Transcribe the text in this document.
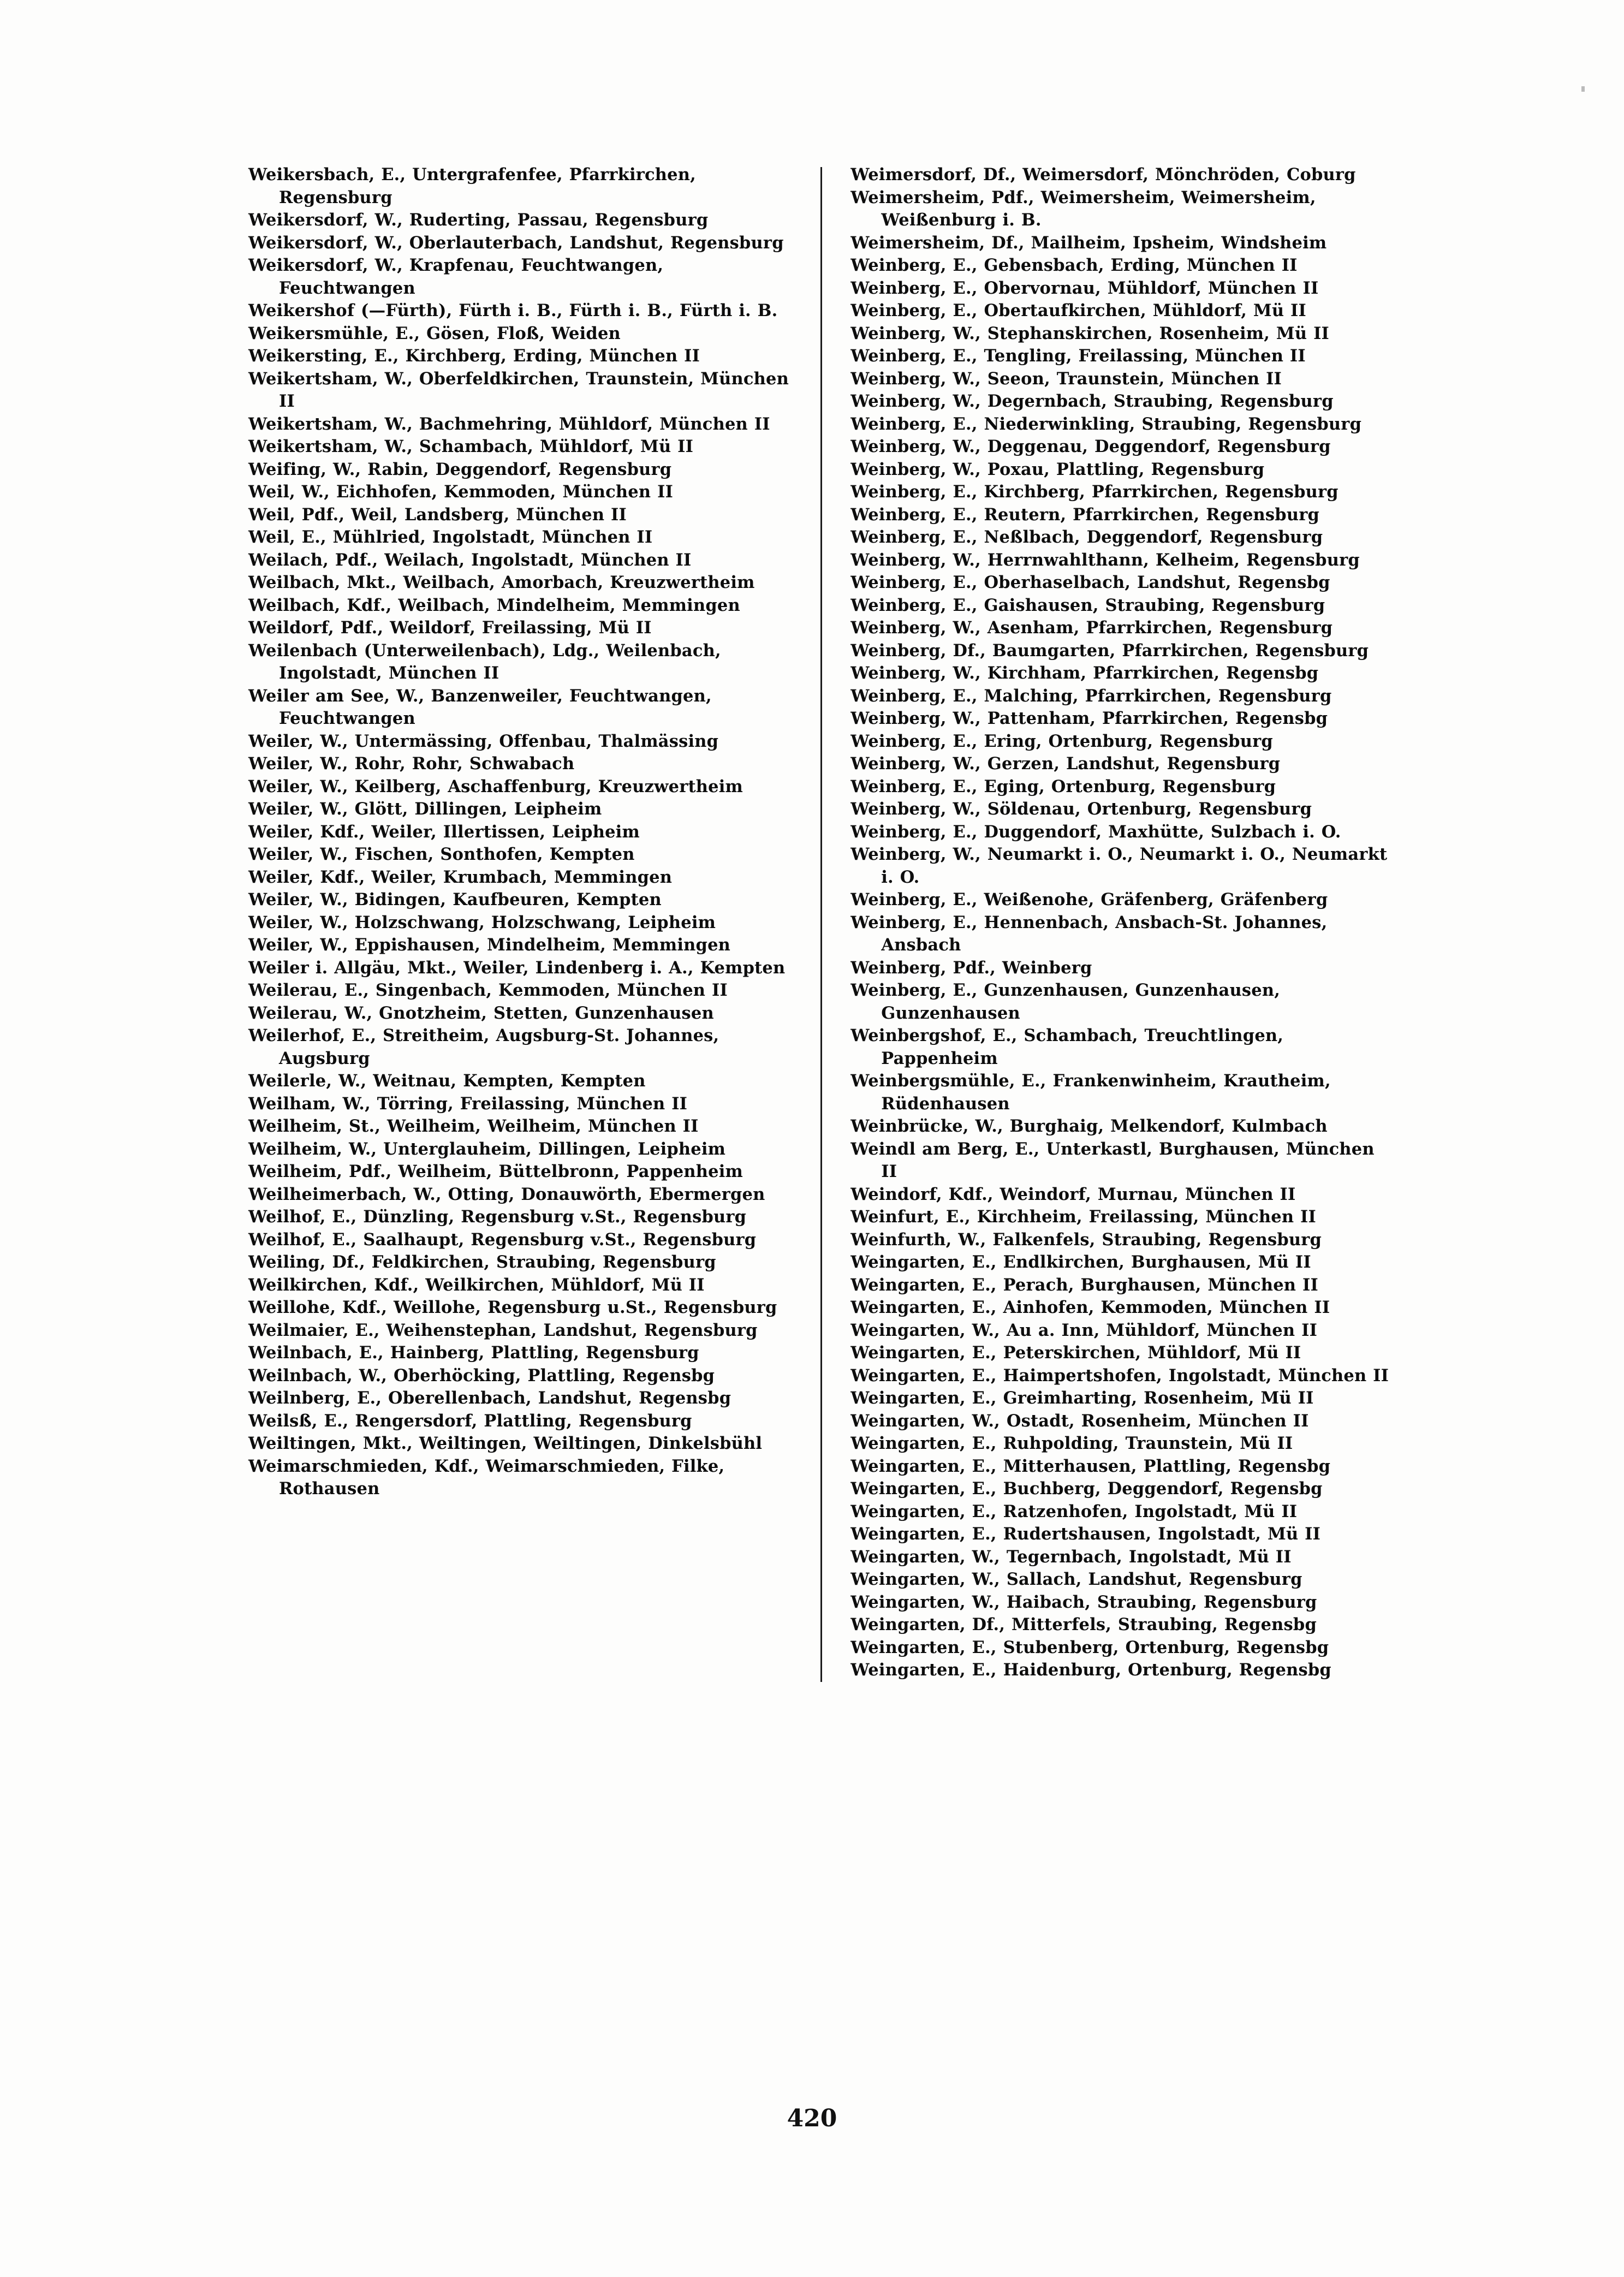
Weikersbach, E., Untergrafenfee, Pfarrkirchen, Regensburg
Weikersdorf, W., Ruderting, Passau, Regensburg
Weikersdorf, W., Oberlauterbach, Landshut, Regensburg
Weikersdorf, W., Krapfenau, Feuchtwangen, Feuchtwangen
Weikershof (—Fürth), Fürth i. B., Fürth i. B., Fürth i. B.
Weikersmühle, E., Gösen, Floß, Weiden
Weikersting, E., Kirchberg, Erding, München II
Weikertsham, W., Oberfeldkirchen, Traunstein, München II
Weikertsham, W., Bachmehring, Mühldorf, München II
Weikertsham, W., Schambach, Mühldorf, Mü II
Weifing, W., Rabin, Deggendorf, Regensburg
Weil, W., Eichhofen, Kemmoden, München II
Weil, Pdf., Weil, Landsberg, München II
Weil, E., Mühlried, Ingolstadt, München II
Weilach, Pdf., Weilach, Ingolstadt, München II
Weilbach, Mkt., Weilbach, Amorbach, Kreuzwertheim
Weilbach, Kdf., Weilbach, Mindelheim, Memmingen
Weildorf, Pdf., Weildorf, Freilassing, Mü II
Weilenbach (Unterweilenbach), Ldg., Weilenbach, Ingolstadt, München II
Weiler am See, W., Banzenweiler, Feuchtwangen, Feuchtwangen
Weiler, W., Untermässing, Offenbau, Thalmässing
Weiler, W., Rohr, Rohr, Schwabach
Weiler, W., Keilberg, Aschaffenburg, Kreuzwertheim
Weiler, W., Glött, Dillingen, Leipheim
Weiler, Kdf., Weiler, Illertissen, Leipheim
Weiler, W., Fischen, Sonthofen, Kempten
Weiler, Kdf., Weiler, Krumbach, Memmingen
Weiler, W., Bidingen, Kaufbeuren, Kempten
Weiler, W., Holzschwang, Holzschwang, Leipheim
Weiler, W., Eppishausen, Mindelheim, Memmingen
Weiler i. Allgäu, Mkt., Weiler, Lindenberg i. A., Kempten
Weilerau, E., Singenbach, Kemmoden, München II
Weilerau, W., Gnotzheim, Stetten, Gunzenhausen
Weilerhof, E., Streitheim, Augsburg-St. Johannes, Augsburg
Weilerle, W., Weitnau, Kempten, Kempten
Weilham, W., Törring, Freilassing, München II
Weilheim, St., Weilheim, Weilheim, München II
Weilheim, W., Unterglauheim, Dillingen, Leipheim
Weilheim, Pdf., Weilheim, Büttelbronn, Pappenheim
Weilheimerbach, W., Otting, Donauwörth, Ebermergen
Weilhof, E., Dünzling, Regensburg v.St., Regensburg
Weilhof, E., Saalhaupt, Regensburg v.St., Regensburg
Weiling, Df., Feldkirchen, Straubing, Regensburg
Weilkirchen, Kdf., Weilkirchen, Mühldorf, Mü II
Weillohe, Kdf., Weillohe, Regensburg u.St., Regensburg
Weilmaier, E., Weihenstephan, Landshut, Regensburg
Weilnbach, E., Hainberg, Plattling, Regensburg
Weilnbach, W., Oberhöcking, Plattling, Regensbg
Weilnberg, E., Oberellenbach, Landshut, Regensbg
Weilsß, E., Rengersdorf, Plattling, Regensburg
Weiltingen, Mkt., Weiltingen, Weiltingen, Dinkelsbühl
Weimarschmieden, Kdf., Weimarschmieden, Filke, Rothausen
Weimersdorf, Df., Weimersdorf, Mönchröden, Coburg
Weimersheim, Pdf., Weimersheim, Weimersheim, Weißenburg i. B.
Weimersheim, Df., Mailheim, Ipsheim, Windsheim
Weinberg, E., Gebensbach, Erding, München II
Weinberg, E., Obervornau, Mühldorf, München II
Weinberg, E., Obertaufkirchen, Mühldorf, Mü II
Weinberg, W., Stephanskirchen, Rosenheim, Mü II
Weinberg, E., Tengling, Freilassing, München II
Weinberg, W., Seeon, Traunstein, München II
Weinberg, W., Degernbach, Straubing, Regensburg
Weinberg, E., Niederwinkling, Straubing, Regensburg
Weinberg, W., Deggenau, Deggendorf, Regensburg
Weinberg, W., Poxau, Plattling, Regensburg
Weinberg, E., Kirchberg, Pfarrkirchen, Regensburg
Weinberg, E., Reutern, Pfarrkirchen, Regensburg
Weinberg, E., Neßlbach, Deggendorf, Regensburg
Weinberg, W., Herrnwahlthann, Kelheim, Regensburg
Weinberg, E., Oberhaselbach, Landshut, Regensbg
Weinberg, E., Gaishausen, Straubing, Regensburg
Weinberg, W., Asenham, Pfarrkirchen, Regensburg
Weinberg, Df., Baumgarten, Pfarrkirchen, Regensburg
Weinberg, W., Kirchham, Pfarrkirchen, Regensbg
Weinberg, E., Malching, Pfarrkirchen, Regensburg
Weinberg, W., Pattenham, Pfarrkirchen, Regensbg
Weinberg, E., Ering, Ortenburg, Regensburg
Weinberg, W., Gerzen, Landshut, Regensburg
Weinberg, E., Eging, Ortenburg, Regensburg
Weinberg, W., Söldenau, Ortenburg, Regensburg
Weinberg, E., Duggendorf, Maxhütte, Sulzbach i. O.
Weinberg, W., Neumarkt i. O., Neumarkt i. O., Neumarkt i. O.
Weinberg, E., Weißenohe, Gräfenberg, Gräfenberg
Weinberg, E., Hennenbach, Ansbach-St. Johannes, Ansbach
Weinberg, Pdf., Weinberg
Weinberg, E., Gunzenhausen, Gunzenhausen, Gunzenhausen
Weinbergshof, E., Schambach, Treuchtlingen, Pappenheim
Weinbergsmühle, E., Frankenwinheim, Krautheim, Rüdenhausen
Weinbrücke, W., Burghaig, Melkendorf, Kulmbach
Weindl am Berg, E., Unterkastl, Burghausen, München II
Weindorf, Kdf., Weindorf, Murnau, München II
Weinfurt, E., Kirchheim, Freilassing, München II
Weinfurth, W., Falkenfels, Straubing, Regensburg
Weingarten, E., Endlkirchen, Burghausen, Mü II
Weingarten, E., Perach, Burghausen, München II
Weingarten, E., Ainhofen, Kemmoden, München II
Weingarten, W., Au a. Inn, Mühldorf, München II
Weingarten, E., Peterskirchen, Mühldorf, Mü II
Weingarten, E., Haimpertshofen, Ingolstadt, München II
Weingarten, E., Greimharting, Rosenheim, Mü II
Weingarten, W., Ostadt, Rosenheim, München II
Weingarten, E., Ruhpolding, Traunstein, Mü II
Weingarten, E., Mitterhausen, Plattling, Regensbg
Weingarten, E., Buchberg, Deggendorf, Regensbg
Weingarten, E., Ratzenhofen, Ingolstadt, Mü II
Weingarten, E., Rudertshausen, Ingolstadt, Mü II
Weingarten, W., Tegernbach, Ingolstadt, Mü II
Weingarten, W., Sallach, Landshut, Regensburg
Weingarten, W., Haibach, Straubing, Regensburg
Weingarten, Df., Mitterfels, Straubing, Regensbg
Weingarten, E., Stubenberg, Ortenburg, Regensbg
Weingarten, E., Haidenburg, Ortenburg, Regensbg
420
